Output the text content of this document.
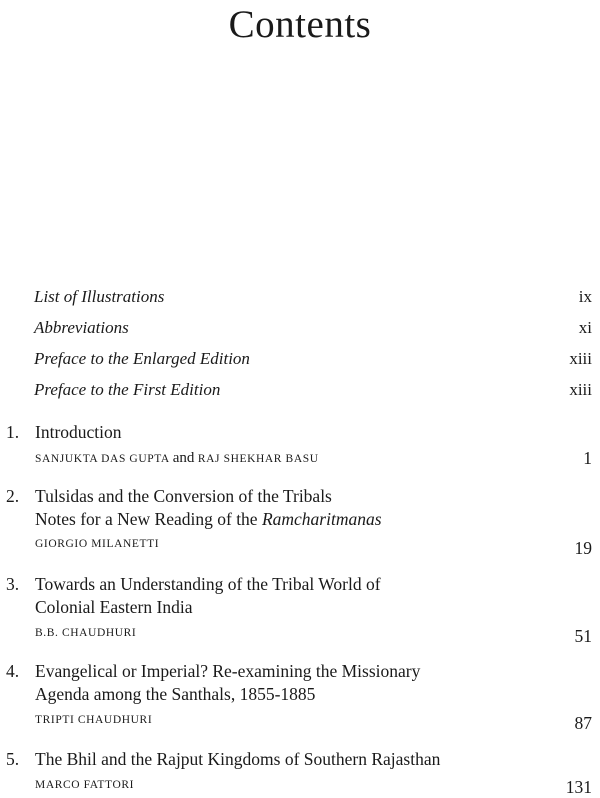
Contents
List of Illustrations	ix
Abbreviations	xi
Preface to the Enlarged Edition	xiii
Preface to the First Edition	xiii
1. Introduction
SANJUKTA DAS GUPTA and RAJ SHEKHAR BASU	1
2. Tulsidas and the Conversion of the Tribals
Notes for a New Reading of the Ramcharitmanas
GIORGIO MILANETTI	19
3. Towards an Understanding of the Tribal World of
Colonial Eastern India
B.B. CHAUDHURI	51
4. Evangelical or Imperial? Re-examining the Missionary
Agenda among the Santhals, 1855-1885
TRIPTI CHAUDHURI	87
5. The Bhil and the Rajput Kingdoms of Southern Rajasthan
MARCO FATTORI	131
